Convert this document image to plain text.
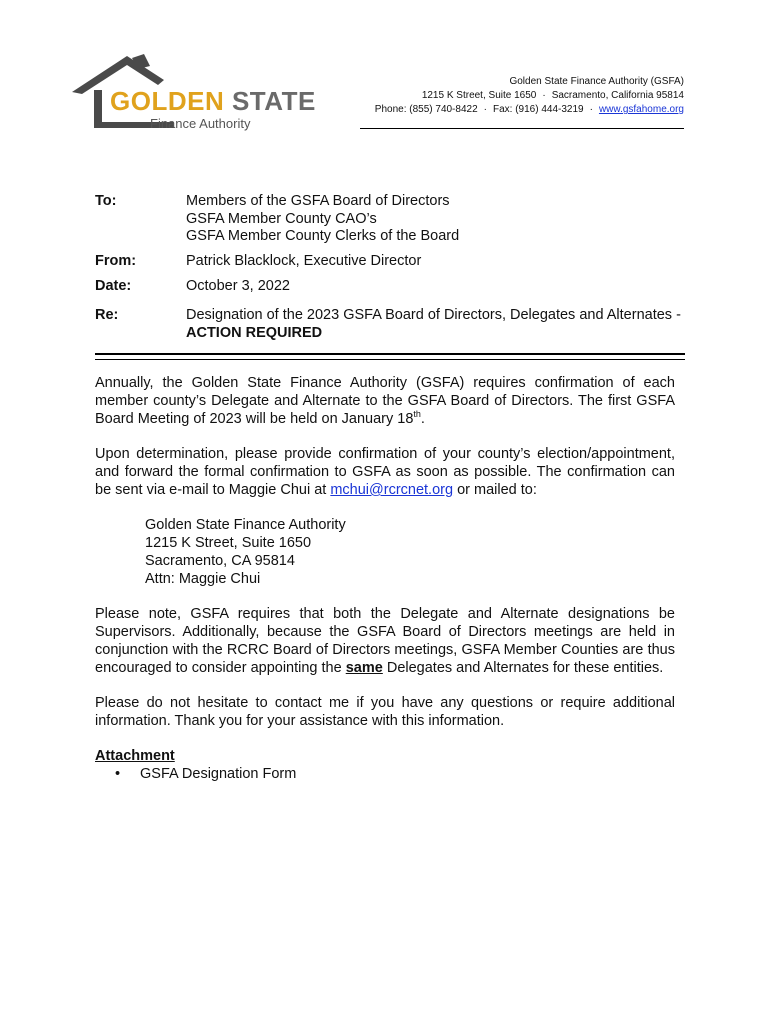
GOLDEN STATE
Finance Authority
Golden State Finance Authority (GSFA)
1215 K Street, Suite 1650 · Sacramento, California 95814
Phone: (855) 740-8422 · Fax: (916) 444-3219 · www.gsfahome.org
To:	Members of the GSFA Board of Directors
GSFA Member County CAO’s
GSFA Member County Clerks of the Board
From:	Patrick Blacklock, Executive Director
Date:	October 3, 2022
Re:	Designation of the 2023 GSFA Board of Directors, Delegates and Alternates - ACTION REQUIRED

Annually, the Golden State Finance Authority (GSFA) requires confirmation of each member county’s Delegate and Alternate to the GSFA Board of Directors. The first GSFA Board Meeting of 2023 will be held on January 18th.

Upon determination, please provide confirmation of your county’s election/appointment, and forward the formal confirmation to GSFA as soon as possible. The confirmation can be sent via e-mail to Maggie Chui at mchui@rcrcnet.org or mailed to:

Golden State Finance Authority
1215 K Street, Suite 1650
Sacramento, CA 95814
Attn: Maggie Chui

Please note, GSFA requires that both the Delegate and Alternate designations be Supervisors. Additionally, because the GSFA Board of Directors meetings are held in conjunction with the RCRC Board of Directors meetings, GSFA Member Counties are thus encouraged to consider appointing the same Delegates and Alternates for these entities.

Please do not hesitate to contact me if you have any questions or require additional information. Thank you for your assistance with this information.

Attachment
•	GSFA Designation Form
